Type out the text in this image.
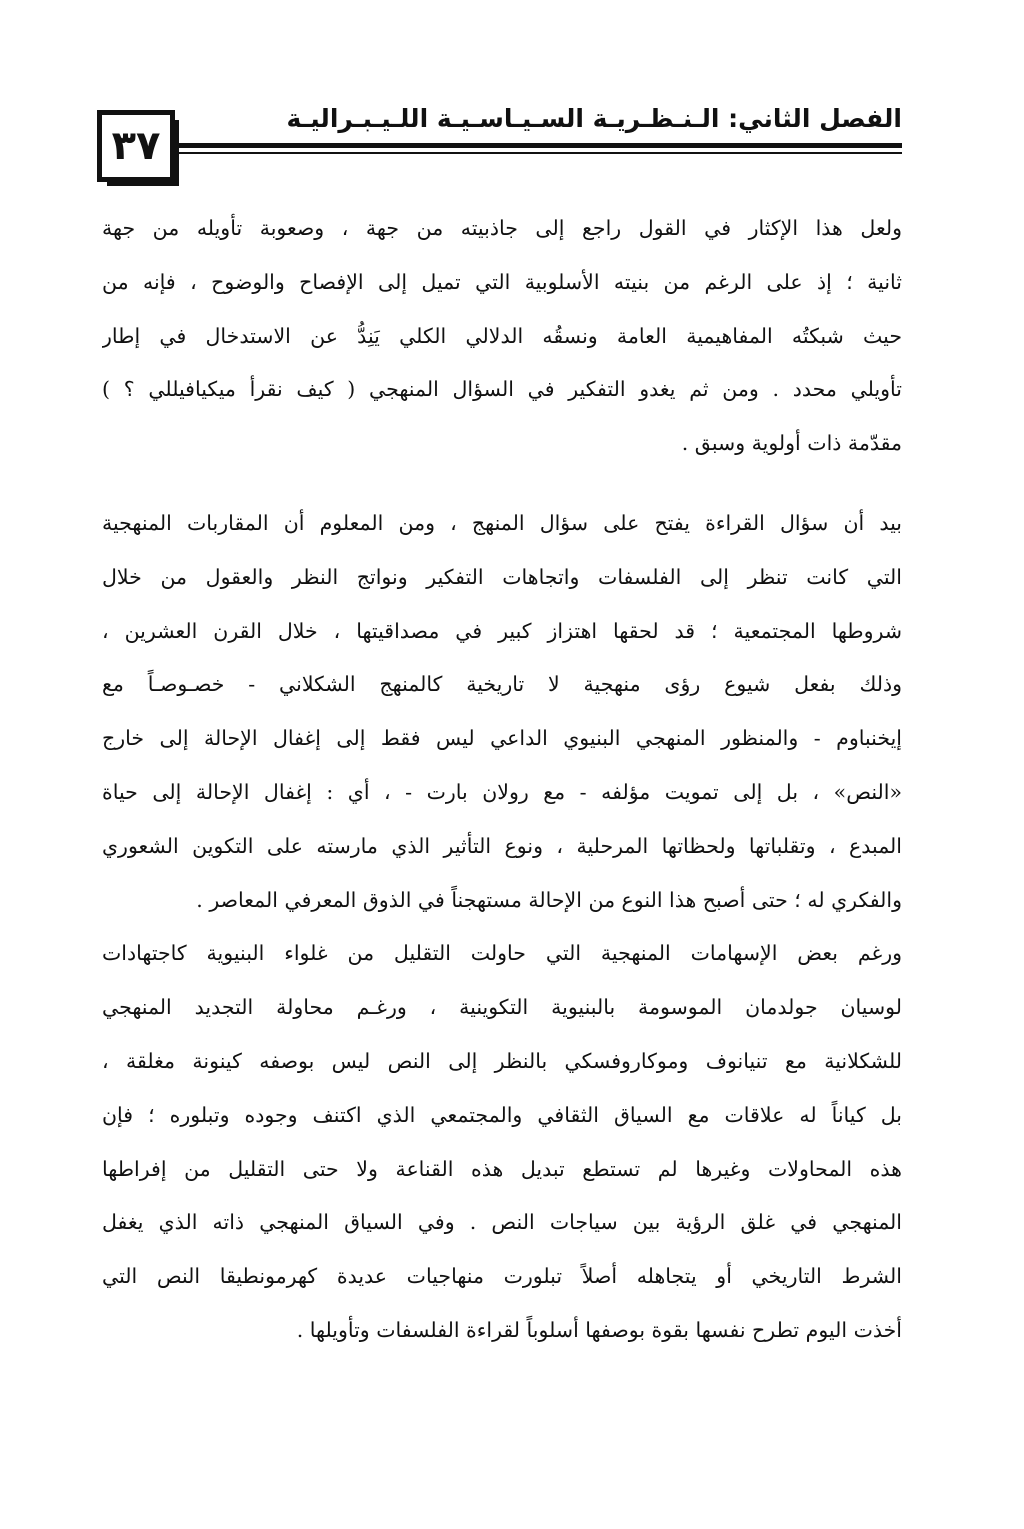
٣٧
الفصل الثاني: الـنـظـريـة السـيـاسـيـة اللـيـبـراليـة
ولعل هذا الإكثار في القول راجع إلى جاذبيته من جهة ، وصعوبة تأويله من جهة
ثانية ؛ إذ على الرغم من بنيته الأسلوبية التي تميل إلى الإفصاح والوضوح ، فإنه من
حيث شبكتُه المفاهيمية العامة ونسقُه الدلالي الكلي يَنِدُّ عن الاستدخال في إطار
تأويلي محدد . ومن ثم يغدو التفكير في السؤال المنهجي ( كيف نقرأ ميكيافيللي ؟ )
مقدّمة ذات أولوية وسبق .
بيد أن سؤال القراءة يفتح على سؤال المنهج ، ومن المعلوم أن المقاربات المنهجية
التي كانت تنظر إلى الفلسفات واتجاهات التفكير ونواتج النظر والعقول من خلال
شروطها المجتمعية ؛ قد لحقها اهتزاز كبير في مصداقيتها ، خلال القرن العشرين ،
وذلك بفعل شيوع رؤى منهجية لا تاريخية كالمنهج الشكلاني - خصـوصـاً مع
إيخنباوم - والمنظور المنهجي البنيوي الداعي ليس فقط إلى إغفال الإحالة إلى خارج
«النص» ، بل إلى تمويت مؤلفه - مع رولان بارت - ، أي : إغفال الإحالة إلى حياة
المبدع ، وتقلباتها ولحظاتها المرحلية ، ونوع التأثير الذي مارسته على التكوين الشعوري
والفكري له ؛ حتى أصبح هذا النوع من الإحالة مستهجناً في الذوق المعرفي المعاصر .
ورغم بعض الإسهامات المنهجية التي حاولت التقليل من غلواء البنيوية كاجتهادات
لوسيان جولدمان الموسومة بالبنيوية التكوينية ، ورغـم محاولة التجديد المنهجي
للشكلانية مع تنيانوف وموكاروفسكي بالنظر إلى النص ليس بوصفه كينونة مغلقة ،
بل كياناً له علاقات مع السياق الثقافي والمجتمعي الذي اكتنف وجوده وتبلوره ؛ فإن
هذه المحاولات وغيرها لم تستطع تبديل هذه القناعة ولا حتى التقليل من إفراطها
المنهجي في غلق الرؤية بين سياجات النص . وفي السياق المنهجي ذاته الذي يغفل
الشرط التاريخي أو يتجاهله أصلاً تبلورت منهاجيات عديدة كهرمونطيقا النص التي
أخذت اليوم تطرح نفسها بقوة بوصفها أسلوباً لقراءة الفلسفات وتأويلها .
